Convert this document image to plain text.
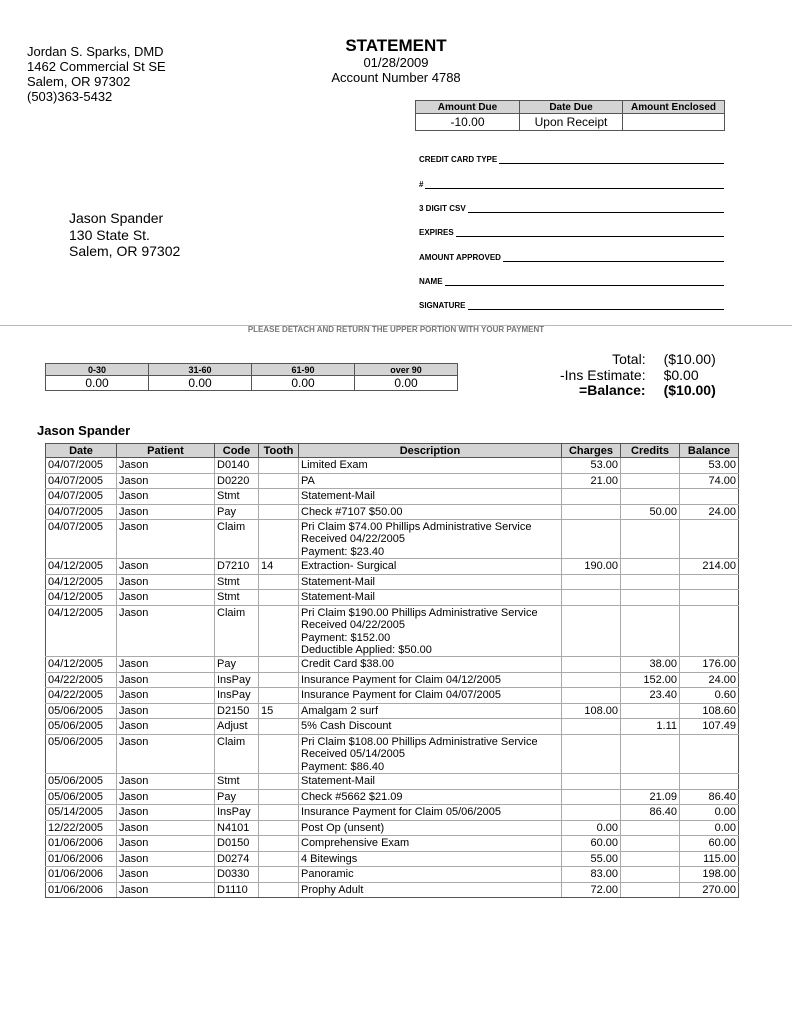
Jordan S. Sparks, DMD
1462 Commercial St SE
Salem, OR 97302
(503)363-5432
STATEMENT
01/28/2009
Account Number 4788
Amount Due	Date Due	Amount Enclosed
-10.00	Upon Receipt	
CREDIT CARD TYPE
#
3 DIGIT CSV
EXPIRES
AMOUNT APPROVED
NAME
SIGNATURE
Jason Spander
130 State St.
Salem, OR 97302
PLEASE DETACH AND RETURN THE UPPER PORTION WITH YOUR PAYMENT
0-30	31-60	61-90	over 90
0.00	0.00	0.00	0.00
Total:	($10.00)
-Ins Estimate:	$0.00
=Balance:	($10.00)
Jason Spander
Date	Patient	Code	Tooth	Description	Charges	Credits	Balance
04/07/2005	Jason	D0140		Limited Exam	53.00		53.00
04/07/2005	Jason	D0220		PA	21.00		74.00
04/07/2005	Jason	Stmt		Statement-Mail			
04/07/2005	Jason	Pay		Check #7107 $50.00		50.00	24.00
04/07/2005	Jason	Claim		Pri Claim $74.00 Phillips Administrative Service
Received 04/22/2005
Payment: $23.40			
04/12/2005	Jason	D7210	14	Extraction- Surgical	190.00		214.00
04/12/2005	Jason	Stmt		Statement-Mail			
04/12/2005	Jason	Stmt		Statement-Mail			
04/12/2005	Jason	Claim		Pri Claim $190.00 Phillips Administrative Service
Received 04/22/2005
Payment: $152.00
Deductible Applied: $50.00			
04/12/2005	Jason	Pay		Credit Card $38.00		38.00	176.00
04/22/2005	Jason	InsPay		Insurance Payment for Claim 04/12/2005		152.00	24.00
04/22/2005	Jason	InsPay		Insurance Payment for Claim 04/07/2005		23.40	0.60
05/06/2005	Jason	D2150	15	Amalgam 2 surf	108.00		108.60
05/06/2005	Jason	Adjust		5% Cash Discount		1.11	107.49
05/06/2005	Jason	Claim		Pri Claim $108.00 Phillips Administrative Service
Received 05/14/2005
Payment: $86.40			
05/06/2005	Jason	Stmt		Statement-Mail			
05/06/2005	Jason	Pay		Check #5662 $21.09		21.09	86.40
05/14/2005	Jason	InsPay		Insurance Payment for Claim 05/06/2005		86.40	0.00
12/22/2005	Jason	N4101		Post Op (unsent)	0.00		0.00
01/06/2006	Jason	D0150		Comprehensive Exam	60.00		60.00
01/06/2006	Jason	D0274		4 Bitewings	55.00		115.00
01/06/2006	Jason	D0330		Panoramic	83.00		198.00
01/06/2006	Jason	D1110		Prophy Adult	72.00		270.00
